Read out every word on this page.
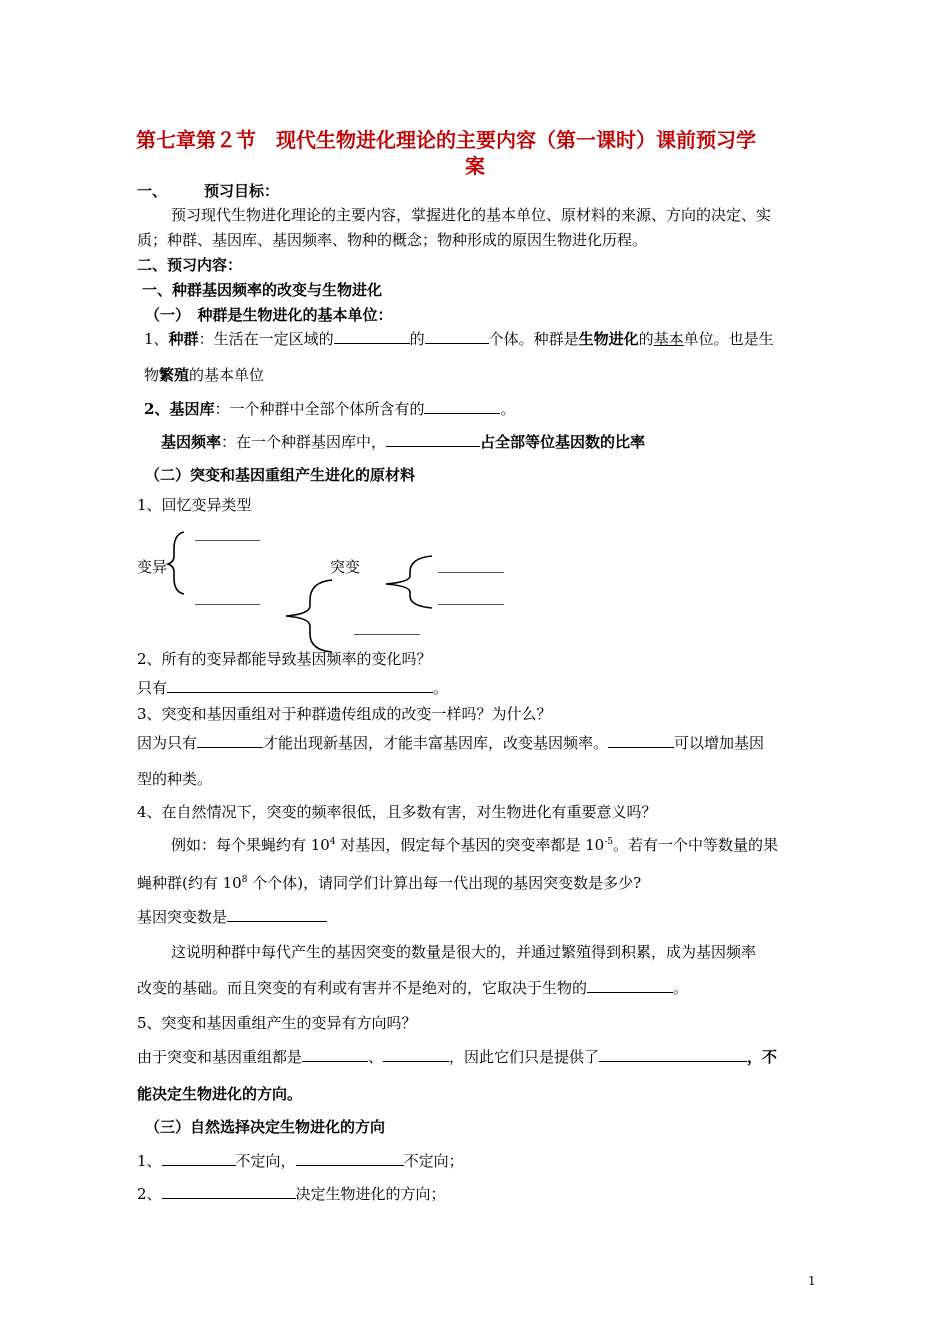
第七章第２节　现代生物进化理论的主要内容（第一课时）课前预习学
案
一、 预习目标：
预习现代生物进化理论的主要内容，掌握进化的基本单位、原材料的来源、方向的决定、实
质；种群、基因库、基因频率、物种的概念；物种形成的原因生物进化历程。
二、预习内容：
一、种群基因频率的改变与生物进化
（一）　种群是生物进化的基本单位：
1、种群：生活在一定区域的	的	个体。种群是生物进化的基本单位。也是生
物繁殖的基本单位
2、基因库：一个种群中全部个体所含有的	。
基因频率：在一个种群基因库中，	占全部等位基因数的比率
（二）突变和基因重组产生进化的原材料
1、回忆变异类型
变异	突变
2、所有的变异都能导致基因频率的变化吗？
只有	。
3、突变和基因重组对于种群遗传组成的改变一样吗？为什么？
因为只有	才能出现新基因，才能丰富基因库，改变基因频率。	可以增加基因
型的种类。
4、在自然情况下，突变的频率很低，且多数有害，对生物进化有重要意义吗？
例如：每个果蝇约有 $10^4$ 对基因，假定每个基因的突变率都是 $10^{-5}$。若有一个中等数量的果
蝇种群(约有 $10^8$ 个个体)，请同学们计算出每一代出现的基因突变数是多少?
基因突变数是
这说明种群中每代产生的基因突变的数量是很大的，并通过繁殖得到积累，成为基因频率
改变的基础。而且突变的有利或有害并不是绝对的，它取决于生物的	。
5、突变和基因重组产生的变异有方向吗？
由于突变和基因重组都是	、	，因此它们只是提供了	，不
能决定生物进化的方向。
（三）自然选择决定生物进化的方向
1、	不定向，	不定向；
2、	决定生物进化的方向；
1
